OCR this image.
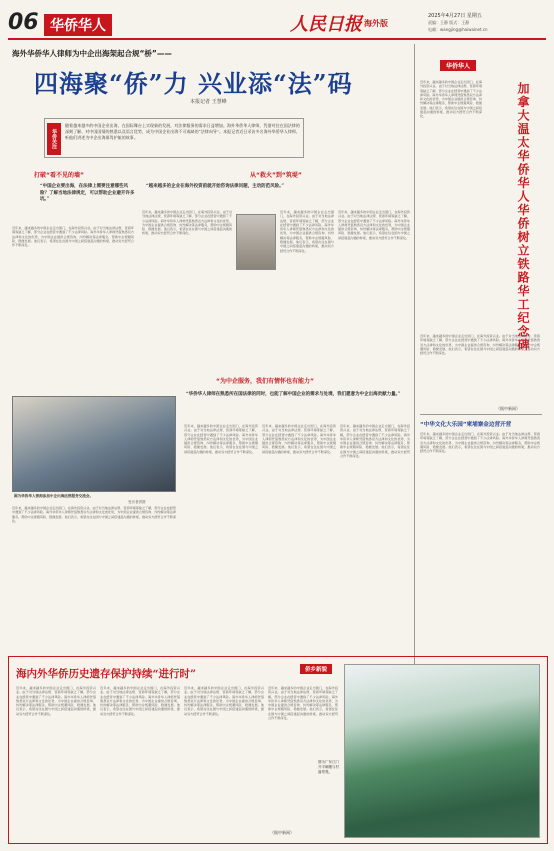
06 华侨华人	人民日报 海外版
2025年4月27日 星期五
责编：王静 版式：王静
电邮：wangjing@haiwainet.cn
海外华侨华人律师为中企出海架起合规“桥”——
四海聚“侨”力 兴业添“法”码
本报记者 王慧峰
华侨关注
随着越来越多的中国企业出海，在国际舞台上实现新的发展，对法律服务的需求日益增加。海外华侨华人律师，凭借对住在国法律的深刻了解、对中国国情的熟悉以及语言优势，成为中国企业出海不可或缺的“法律向导”。本报记者近日采访多名海外华侨华人律师，听他们讲述为中企出海保驾护航的故事。
打破“看不见的墙”
“中国企业要出海，在法律上需要注意哪些风险？了解当地法律规定，可以帮助企业避开许多坑。”
近年来，越来越多的中国企业走出国门，在海外投资兴业。由于对当地法律法规、营商环境等缺乏了解，部分企业在经营中遇到了不少法律风险。海外华侨华人律师凭借熟悉双方法律和文化的优势，为中国企业提供合规咨询、纠纷解决等法律服务，帮助中企规避风险、稳健发展。他们表示，希望在住在国与中国之间搭建起沟通的桥梁，推动双方经贸合作不断深化。
从“救火”到“筑堤”
“越来越多的企业在海外投资前就开始咨询法律问题，主动防范风险。”
近年来，越来越多的中国企业走出国门，在海外投资兴业。由于对当地法律法规、营商环境等缺乏了解，部分企业在经营中遇到了不少法律风险。海外华侨华人律师凭借熟悉双方法律和文化的优势，为中国企业提供合规咨询、纠纷解决等法律服务，帮助中企规避风险、稳健发展。他们表示，希望在住在国与中国之间搭建起沟通的桥梁，推动双方经贸合作不断深化。
近年来，越来越多的中国企业走出国门，在海外投资兴业。由于对当地法律法规、营商环境等缺乏了解，部分企业在经营中遇到了不少法律风险。海外华侨华人律师凭借熟悉双方法律和文化的优势，为中国企业提供合规咨询、纠纷解决等法律服务，帮助中企规避风险、稳健发展。他们表示，希望在住在国与中国之间搭建起沟通的桥梁，推动双方经贸合作不断深化。
近年来，越来越多的中国企业走出国门，在海外投资兴业。由于对当地法律法规、营商环境等缺乏了解，部分企业在经营中遇到了不少法律风险。海外华侨华人律师凭借熟悉双方法律和文化的优势，为中国企业提供合规咨询、纠纷解决等法律服务，帮助中企规避风险、稳健发展。他们表示，希望在住在国与中国之间搭建起沟通的桥梁，推动双方经贸合作不断深化。
图为华侨华人律师参加中企出海法律服务交流会。
受访者供图
“为中企服务，我们有情怀也有能力”
“华侨华人律师在熟悉所在国法律的同时，也能了解中国企业的需求与处境，我们愿意为中企出海贡献力量。”
近年来，越来越多的中国企业走出国门，在海外投资兴业。由于对当地法律法规、营商环境等缺乏了解，部分企业在经营中遇到了不少法律风险。海外华侨华人律师凭借熟悉双方法律和文化的优势，为中国企业提供合规咨询、纠纷解决等法律服务，帮助中企规避风险、稳健发展。他们表示，希望在住在国与中国之间搭建起沟通的桥梁，推动双方经贸合作不断深化。
近年来，越来越多的中国企业走出国门，在海外投资兴业。由于对当地法律法规、营商环境等缺乏了解，部分企业在经营中遇到了不少法律风险。海外华侨华人律师凭借熟悉双方法律和文化的优势，为中国企业提供合规咨询、纠纷解决等法律服务，帮助中企规避风险、稳健发展。他们表示，希望在住在国与中国之间搭建起沟通的桥梁，推动双方经贸合作不断深化。
近年来，越来越多的中国企业走出国门，在海外投资兴业。由于对当地法律法规、营商环境等缺乏了解，部分企业在经营中遇到了不少法律风险。海外华侨华人律师凭借熟悉双方法律和文化的优势，为中国企业提供合规咨询、纠纷解决等法律服务，帮助中企规避风险、稳健发展。他们表示，希望在住在国与中国之间搭建起沟通的桥梁，推动双方经贸合作不断深化。
近年来，越来越多的中国企业走出国门，在海外投资兴业。由于对当地法律法规、营商环境等缺乏了解，部分企业在经营中遇到了不少法律风险。海外华侨华人律师凭借熟悉双方法律和文化的优势，为中国企业提供合规咨询、纠纷解决等法律服务，帮助中企规避风险、稳健发展。他们表示，希望在住在国与中国之间搭建起沟通的桥梁，推动双方经贸合作不断深化。
华侨华人
近年来，越来越多的中国企业走出国门，在海外投资兴业。由于对当地法律法规、营商环境等缺乏了解，部分企业在经营中遇到了不少法律风险。海外华侨华人律师凭借熟悉双方法律和文化的优势，为中国企业提供合规咨询、纠纷解决等法律服务，帮助中企规避风险、稳健发展。他们表示，希望在住在国与中国之间搭建起沟通的桥梁，推动双方经贸合作不断深化。	加拿大温太华侨华人华侨树立铁路华工纪念碑
近年来，越来越多的中国企业走出国门，在海外投资兴业。由于对当地法律法规、营商环境等缺乏了解，部分企业在经营中遇到了不少法律风险。海外华侨华人律师凭借熟悉双方法律和文化的优势，为中国企业提供合规咨询、纠纷解决等法律服务，帮助中企规避风险、稳健发展。他们表示，希望在住在国与中国之间搭建起沟通的桥梁，推动双方经贸合作不断深化。
（据中新网）
“中华文化大乐园”柬埔寨金边营开营
近年来，越来越多的中国企业走出国门，在海外投资兴业。由于对当地法律法规、营商环境等缺乏了解，部分企业在经营中遇到了不少法律风险。海外华侨华人律师凭借熟悉双方法律和文化的优势，为中国企业提供合规咨询、纠纷解决等法律服务，帮助中企规避风险、稳健发展。他们表示，希望在住在国与中国之间搭建起沟通的桥梁，推动双方经贸合作不断深化。
海内外华侨历史遗存保护持续“进行时”	侨乡新貌
近年来，越来越多的中国企业走出国门，在海外投资兴业。由于对当地法律法规、营商环境等缺乏了解，部分企业在经营中遇到了不少法律风险。海外华侨华人律师凭借熟悉双方法律和文化的优势，为中国企业提供合规咨询、纠纷解决等法律服务，帮助中企规避风险、稳健发展。他们表示，希望在住在国与中国之间搭建起沟通的桥梁，推动双方经贸合作不断深化。
近年来，越来越多的中国企业走出国门，在海外投资兴业。由于对当地法律法规、营商环境等缺乏了解，部分企业在经营中遇到了不少法律风险。海外华侨华人律师凭借熟悉双方法律和文化的优势，为中国企业提供合规咨询、纠纷解决等法律服务，帮助中企规避风险、稳健发展。他们表示，希望在住在国与中国之间搭建起沟通的桥梁，推动双方经贸合作不断深化。
近年来，越来越多的中国企业走出国门，在海外投资兴业。由于对当地法律法规、营商环境等缺乏了解，部分企业在经营中遇到了不少法律风险。海外华侨华人律师凭借熟悉双方法律和文化的优势，为中国企业提供合规咨询、纠纷解决等法律服务，帮助中企规避风险、稳健发展。他们表示，希望在住在国与中国之间搭建起沟通的桥梁，推动双方经贸合作不断深化。
近年来，越来越多的中国企业走出国门，在海外投资兴业。由于对当地法律法规、营商环境等缺乏了解，部分企业在经营中遇到了不少法律风险。海外华侨华人律师凭借熟悉双方法律和文化的优势，为中国企业提供合规咨询、纠纷解决等法律服务，帮助中企规避风险、稳健发展。他们表示，希望在住在国与中国之间搭建起沟通的桥梁，推动双方经贸合作不断深化。
图为广东江门开平碉楼与村落景观。
（据中新网）
